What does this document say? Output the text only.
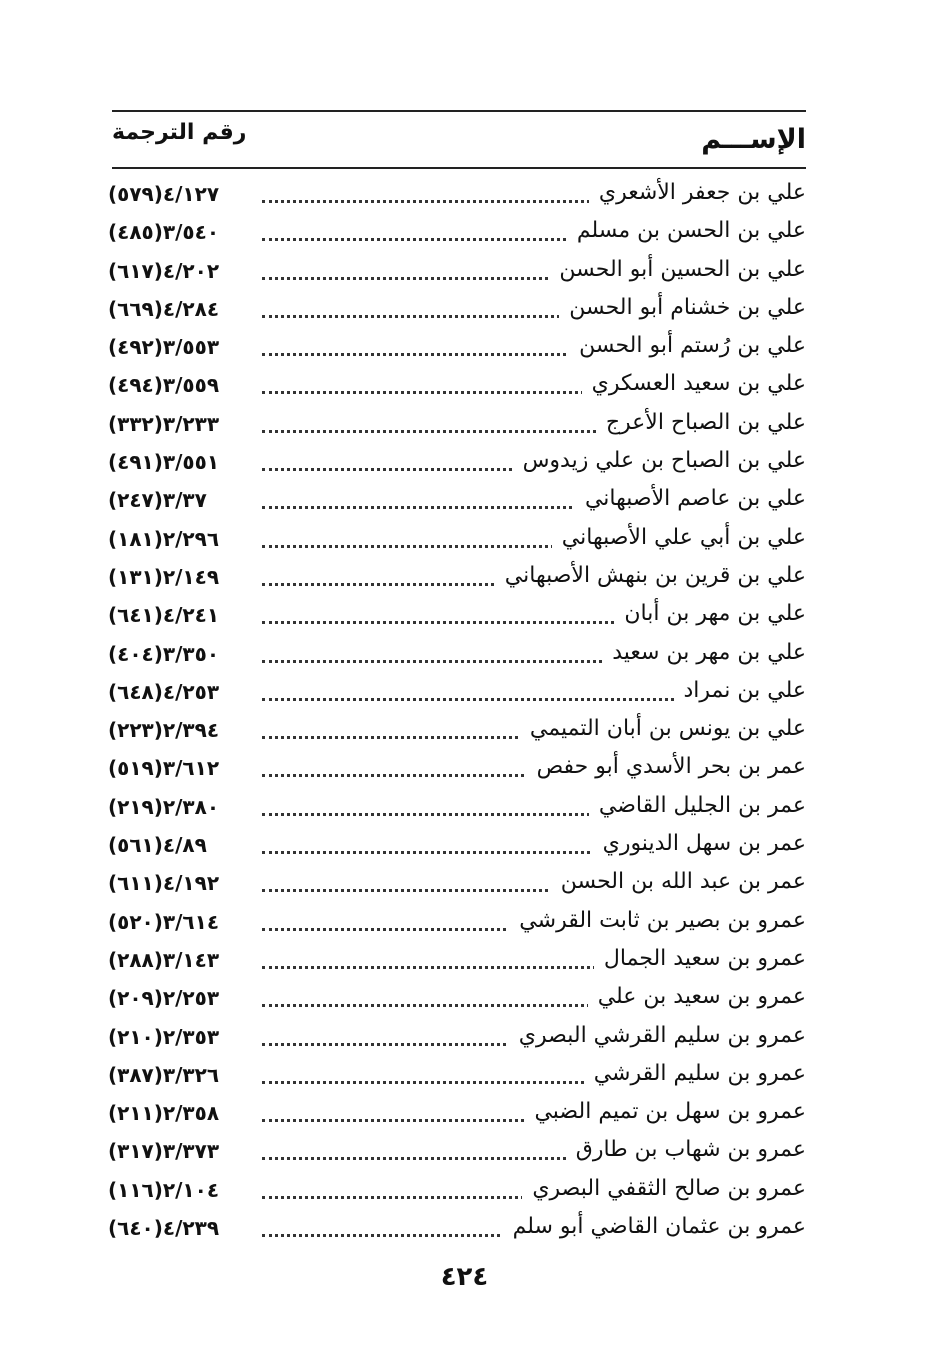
الإســـم
رقم الترجمة
علي بن جعفر الأشعري
٤/١٢٧(٥٧٩)
علي بن الحسن بن مسلم
٣/٥٤٠(٤٨٥)
علي بن الحسين أبو الحسن
٤/٢٠٢(٦١٧)
علي بن خشنام أبو الحسن
٤/٢٨٤(٦٦٩)
علي بن رُستم أبو الحسن
٣/٥٥٣(٤٩٢)
علي بن سعيد العسكري
٣/٥٥٩(٤٩٤)
علي بن الصباح الأعرج
٣/٢٣٣(٣٣٢)
علي بن الصباح بن علي زيدوس
٣/٥٥١(٤٩١)
علي بن عاصم الأصبهاني
٣/٣٧(٢٤٧)
علي بن أبي علي الأصبهاني
٢/٢٩٦(١٨١)
علي بن قرين بن بنهش الأصبهاني
٢/١٤٩(١٣١)
علي بن مهر بن أبان
٤/٢٤١(٦٤١)
علي بن مهر بن سعيد
٣/٣٥٠(٤٠٤)
علي بن نمراد
٤/٢٥٣(٦٤٨)
علي بن يونس بن أبان التميمي
٢/٣٩٤(٢٢٣)
عمر بن بحر الأسدي أبو حفص
٣/٦١٢(٥١٩)
عمر بن الجليل القاضي
٢/٣٨٠(٢١٩)
عمر بن سهل الدينوري
٤/٨٩(٥٦١)
عمر بن عبد الله بن الحسن
٤/١٩٢(٦١١)
عمرو بن بصير بن ثابت القرشي
٣/٦١٤(٥٢٠)
عمرو بن سعيد الجمال
٣/١٤٣(٢٨٨)
عمرو بن سعيد بن علي
٢/٢٥٣(٢٠٩)
عمرو بن سليم القرشي البصري
٢/٣٥٣(٢١٠)
عمرو بن سليم القرشي
٣/٣٢٦(٣٨٧)
عمرو بن سهل بن تميم الضبي
٢/٣٥٨(٢١١)
عمرو بن شهاب بن طارق
٣/٣٧٣(٣١٧)
عمرو بن صالح الثقفي البصري
٢/١٠٤(١١٦)
عمرو بن عثمان القاضي أبو سلم
٤/٢٣٩(٦٤٠)
٤٢٤
